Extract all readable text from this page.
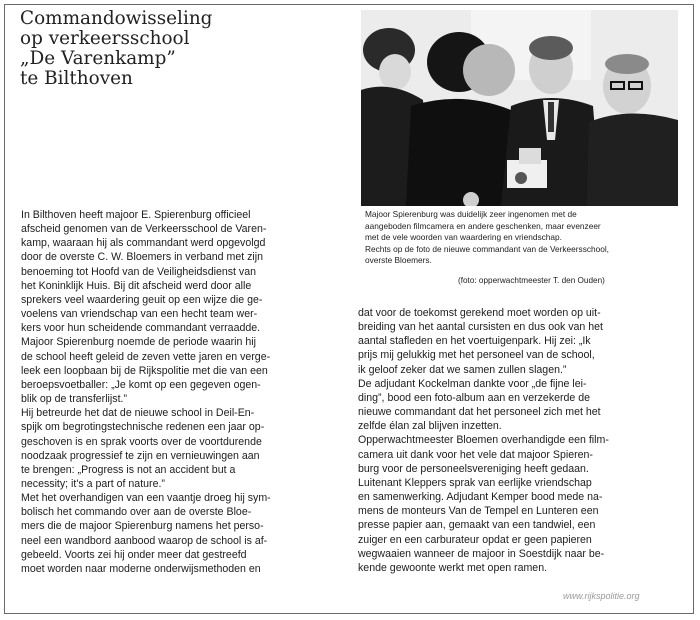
Commandowisseling
op verkeersschool
„De Varenkamp”
te Bilthoven
Majoor Spierenburg was duidelijk zeer ingenomen met de
aangeboden filmcamera en andere geschenken, maar evenzeer
met de vele woorden van waardering en vriendschap.
Rechts op de foto de nieuwe commandant van de Verkeersschool,
overste Bloemers.
(foto: opperwachtmeester T. den Ouden)
In Bilthoven heeft majoor E. Spierenburg officieel
afscheid genomen van de Verkeersschool de Varen-
kamp, waaraan hij als commandant werd opgevolgd
door de overste C. W. Bloemers in verband met zijn
benoeming tot Hoofd van de Veiligheidsdienst van
het Koninklijk Huis. Bij dit afscheid werd door alle
sprekers veel waardering geuit op een wijze die ge-
voelens van vriendschap van een hecht team wer-
kers voor hun scheidende commandant verraadde.
Majoor Spierenburg noemde de periode waarin hij
de school heeft geleid de zeven vette jaren en verge-
leek een loopbaan bij de Rijkspolitie met die van een
beroepsvoetballer: „Je komt op een gegeven ogen-
blik op de transferlijst.”
Hij betreurde het dat de nieuwe school in Deil-En-
spijk om begrotingstechnische redenen een jaar op-
geschoven is en sprak voorts over de voortdurende
noodzaak progressief te zijn en vernieuwingen aan
te brengen: „Progress is not an accident but a
necessity; it's a part of nature.”
Met het overhandigen van een vaantje droeg hij sym-
bolisch het commando over aan de overste Bloe-
mers die de majoor Spierenburg namens het perso-
neel een wandbord aanbood waarop de school is af-
gebeeld. Voorts zei hij onder meer dat gestreefd
moet worden naar moderne onderwijsmethoden en
dat voor de toekomst gerekend moet worden op uit-
breiding van het aantal cursisten en dus ook van het
aantal stafleden en het voertuigenpark. Hij zei: „Ik
prijs mij gelukkig met het personeel van de school,
ik geloof zeker dat we samen zullen slagen.”
De adjudant Kockelman dankte voor „de fijne lei-
ding”, bood een foto-album aan en verzekerde de
nieuwe commandant dat het personeel zich met het
zelfde élan zal blijven inzetten.
Opperwachtmeester Bloemen overhandigde een film-
camera uit dank voor het vele dat majoor Spieren-
burg voor de personeelsvereniging heeft gedaan.
Luitenant Kleppers sprak van eerlijke vriendschap
en samenwerking. Adjudant Kemper bood mede na-
mens de monteurs Van de Tempel en Lunteren een
presse papier aan, gemaakt van een tandwiel, een
zuiger en een carburateur opdat er geen papieren
wegwaaien wanneer de majoor in Soestdijk naar be-
kende gewoonte werkt met open ramen.
www.rijkspolitie.org
